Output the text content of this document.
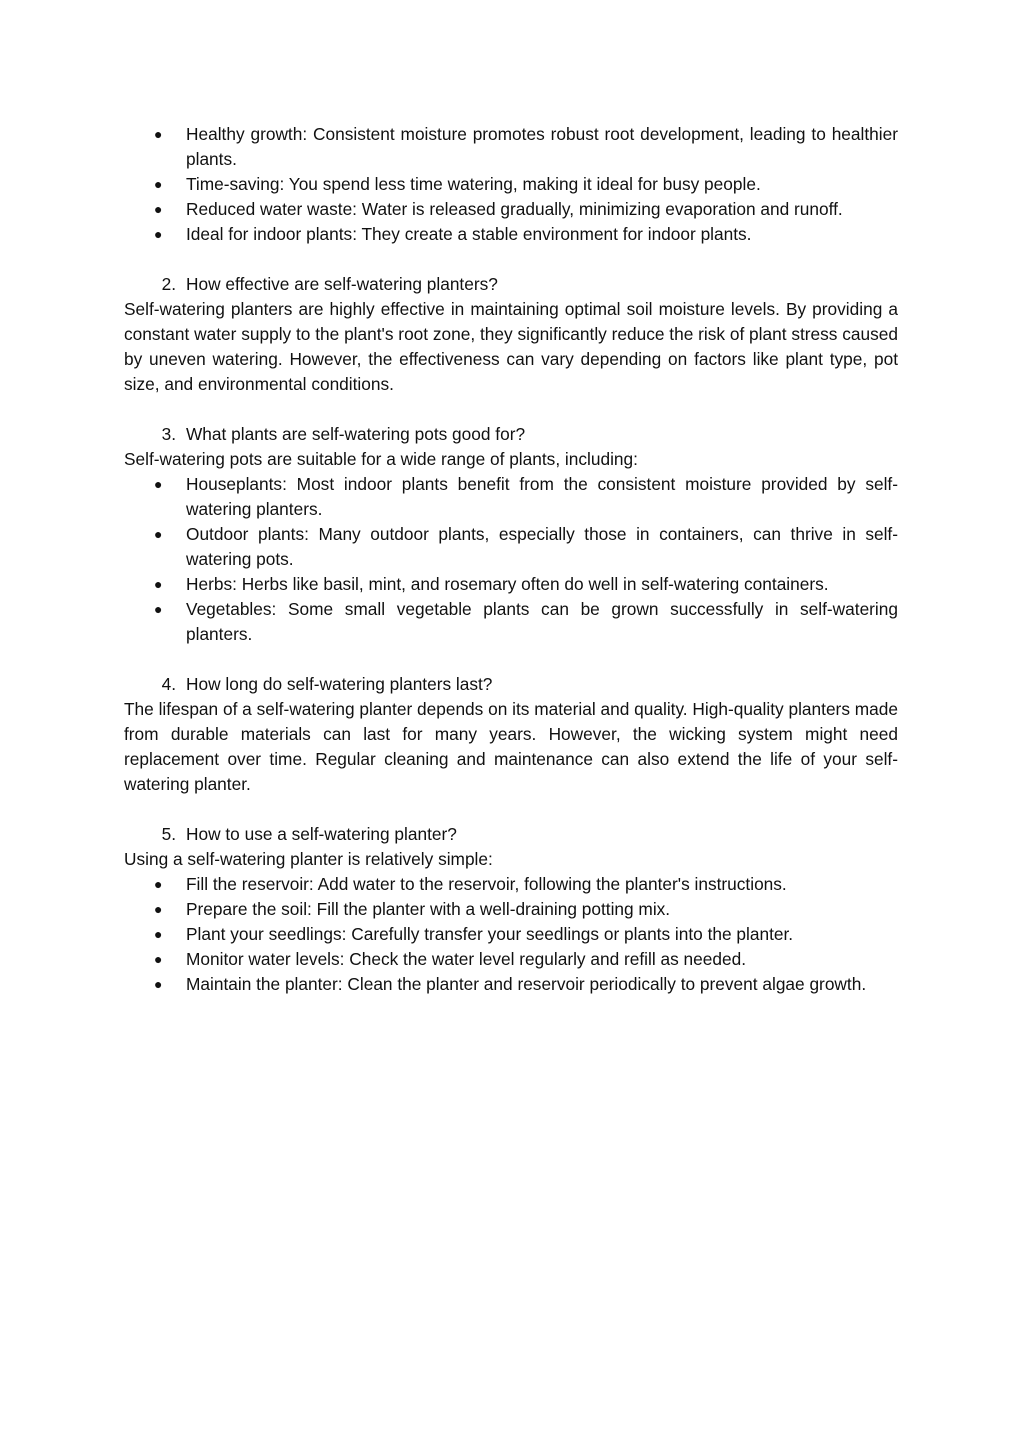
● Healthy growth: Consistent moisture promotes robust root development, leading to healthier plants.
● Time-saving: You spend less time watering, making it ideal for busy people.
● Reduced water waste: Water is released gradually, minimizing evaporation and runoff.
● Ideal for indoor plants: They create a stable environment for indoor plants.
2. How effective are self-watering planters?

Self-watering planters are highly effective in maintaining optimal soil moisture levels. By providing a constant water supply to the plant's root zone, they significantly reduce the risk of plant stress caused by uneven watering. However, the effectiveness can vary depending on factors like plant type, pot size, and environmental conditions.

3. What plants are self-watering pots good for?

Self-watering pots are suitable for a wide range of plants, including:

● Houseplants: Most indoor plants benefit from the consistent moisture provided by self-watering planters.
● Outdoor plants: Many outdoor plants, especially those in containers, can thrive in self-watering pots.
● Herbs: Herbs like basil, mint, and rosemary often do well in self-watering containers.
● Vegetables: Some small vegetable plants can be grown successfully in self-watering planters.
4. How long do self-watering planters last?

The lifespan of a self-watering planter depends on its material and quality. High-quality planters made from durable materials can last for many years. However, the wicking system might need replacement over time. Regular cleaning and maintenance can also extend the life of your self-watering planter.

5. How to use a self-watering planter?

Using a self-watering planter is relatively simple:

● Fill the reservoir: Add water to the reservoir, following the planter's instructions.
● Prepare the soil: Fill the planter with a well-draining potting mix.
● Plant your seedlings: Carefully transfer your seedlings or plants into the planter.
● Monitor water levels: Check the water level regularly and refill as needed.
● Maintain the planter: Clean the planter and reservoir periodically to prevent algae growth.
